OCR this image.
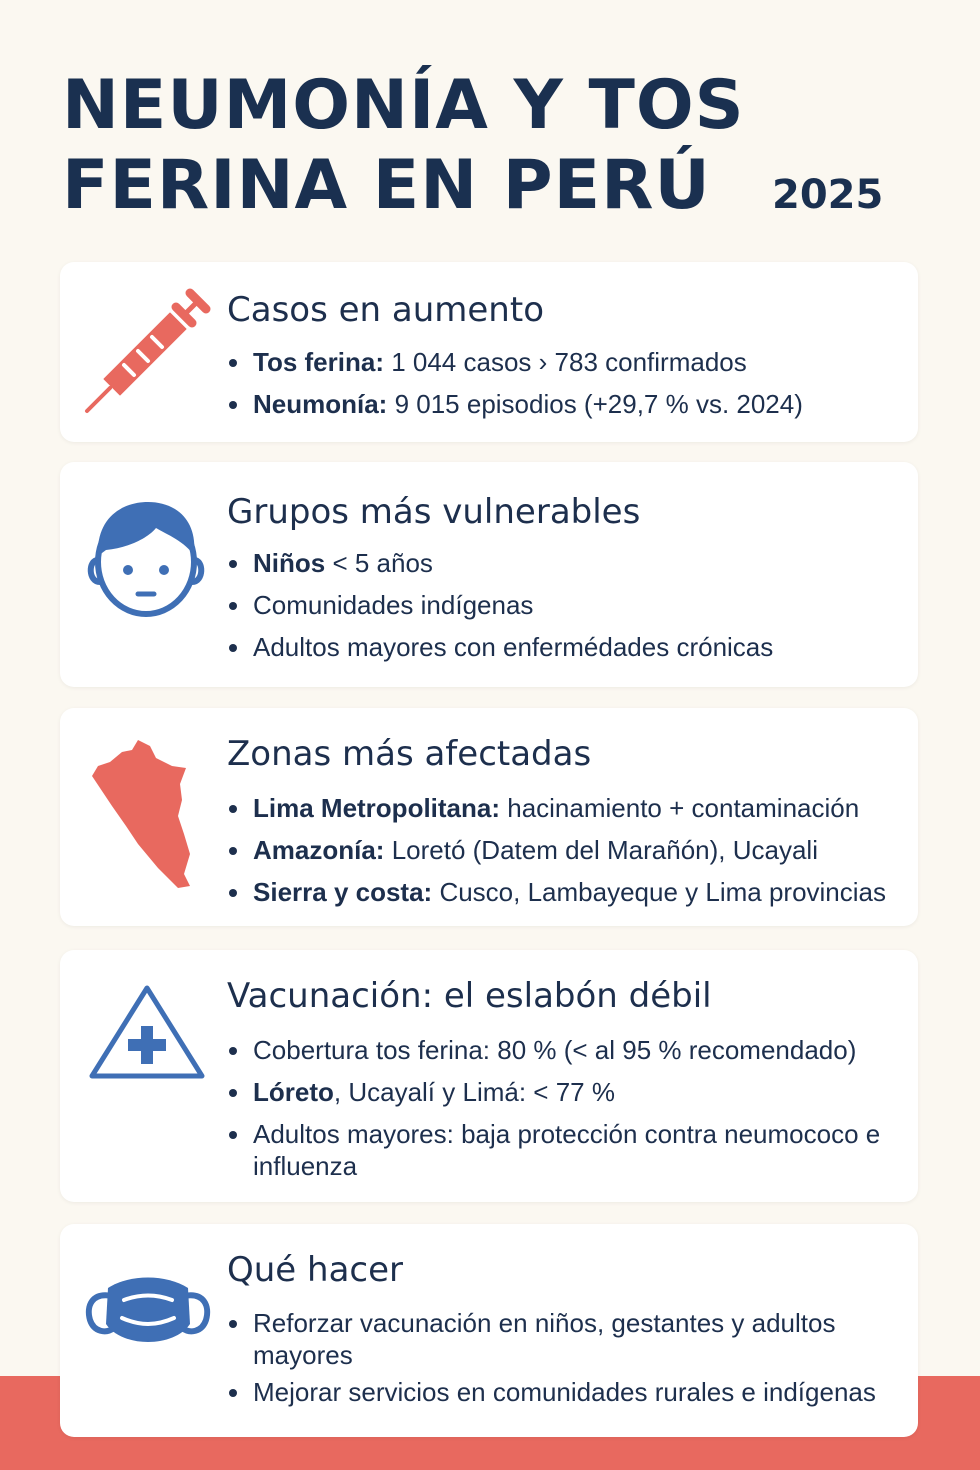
NEUMONÍA Y TOS
FERINA EN PERÚ	2025
Casos en aumento
Tos ferina: 1 044 casos › 783 confirmados
Neumonía: 9 015 episodios (+29,7 % vs. 2024)
Grupos más vulnerables
Niños < 5 años
Comunidades indígenas
Adultos mayores con enfermédades crónicas
Zonas más afectadas
Lima Metropolitana: hacinamiento + contaminación
Amazonía: Loretó (Datem del Marañón), Ucayali
Sierra y costa: Cusco, Lambayeque y Lima provincias
Vacunación: el eslabón débil
Cobertura tos ferina: 80 % (< al 95 % recomendado)
Lóreto, Ucayalí y Limá: < 77 %
Adultos mayores: baja protección contra neumococo e influenza
Qué hacer
Reforzar vacunación en niños, gestantes y adultos mayores
Mejorar servicios en comunidades rurales e indígenas
